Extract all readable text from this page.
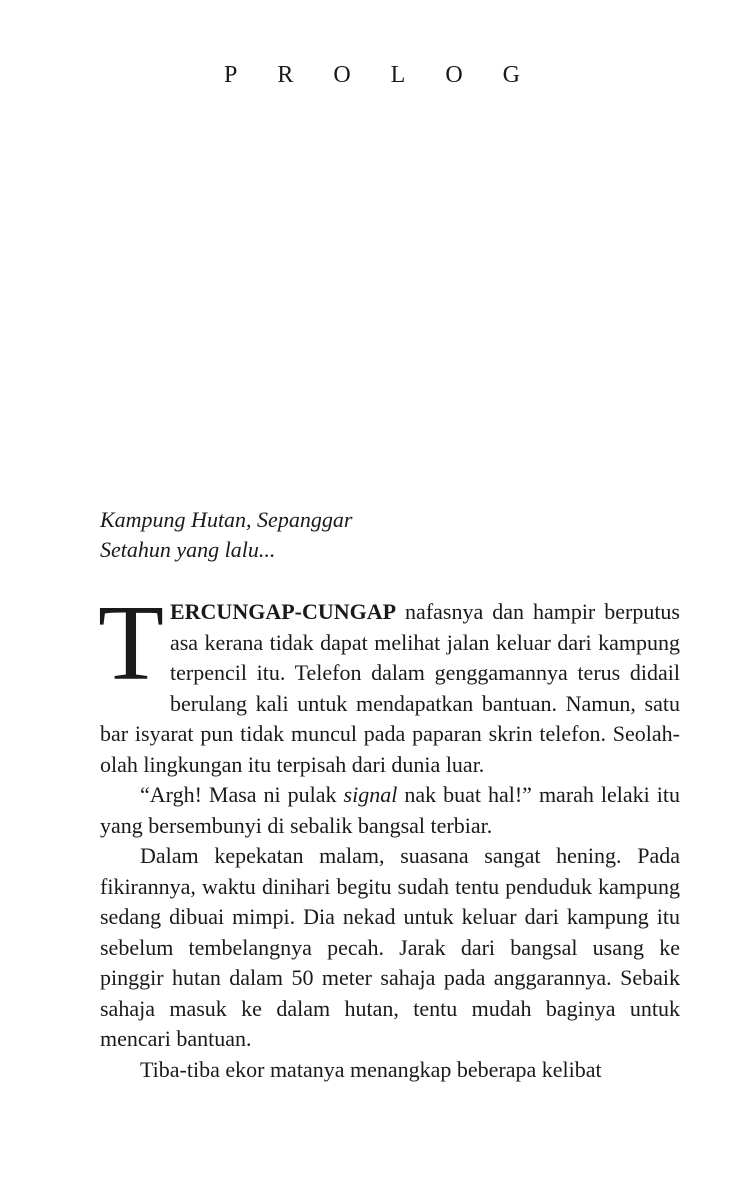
PROLOG
Kampung Hutan, Sepanggar
Setahun yang lalu...

TERCUNGAP-CUNGAP nafasnya dan hampir berputus asa kerana tidak dapat melihat jalan keluar dari kampung terpencil itu. Telefon dalam genggamannya terus didail berulang kali untuk mendapatkan bantuan. Namun, satu bar isyarat pun tidak muncul pada paparan skrin telefon. Seolah-olah lingkungan itu terpisah dari dunia luar.

“Argh! Masa ni pulak signal nak buat hal!” marah lelaki itu yang bersembunyi di sebalik bangsal terbiar.

Dalam kepekatan malam, suasana sangat hening. Pada fikirannya, waktu dinihari begitu sudah tentu penduduk kampung sedang dibuai mimpi. Dia nekad untuk keluar dari kampung itu sebelum tembelangnya pecah. Jarak dari bangsal usang ke pinggir hutan dalam 50 meter sahaja pada anggarannya. Sebaik sahaja masuk ke dalam hutan, tentu mudah baginya untuk mencari bantuan.

Tiba-tiba ekor matanya menangkap beberapa kelibat
